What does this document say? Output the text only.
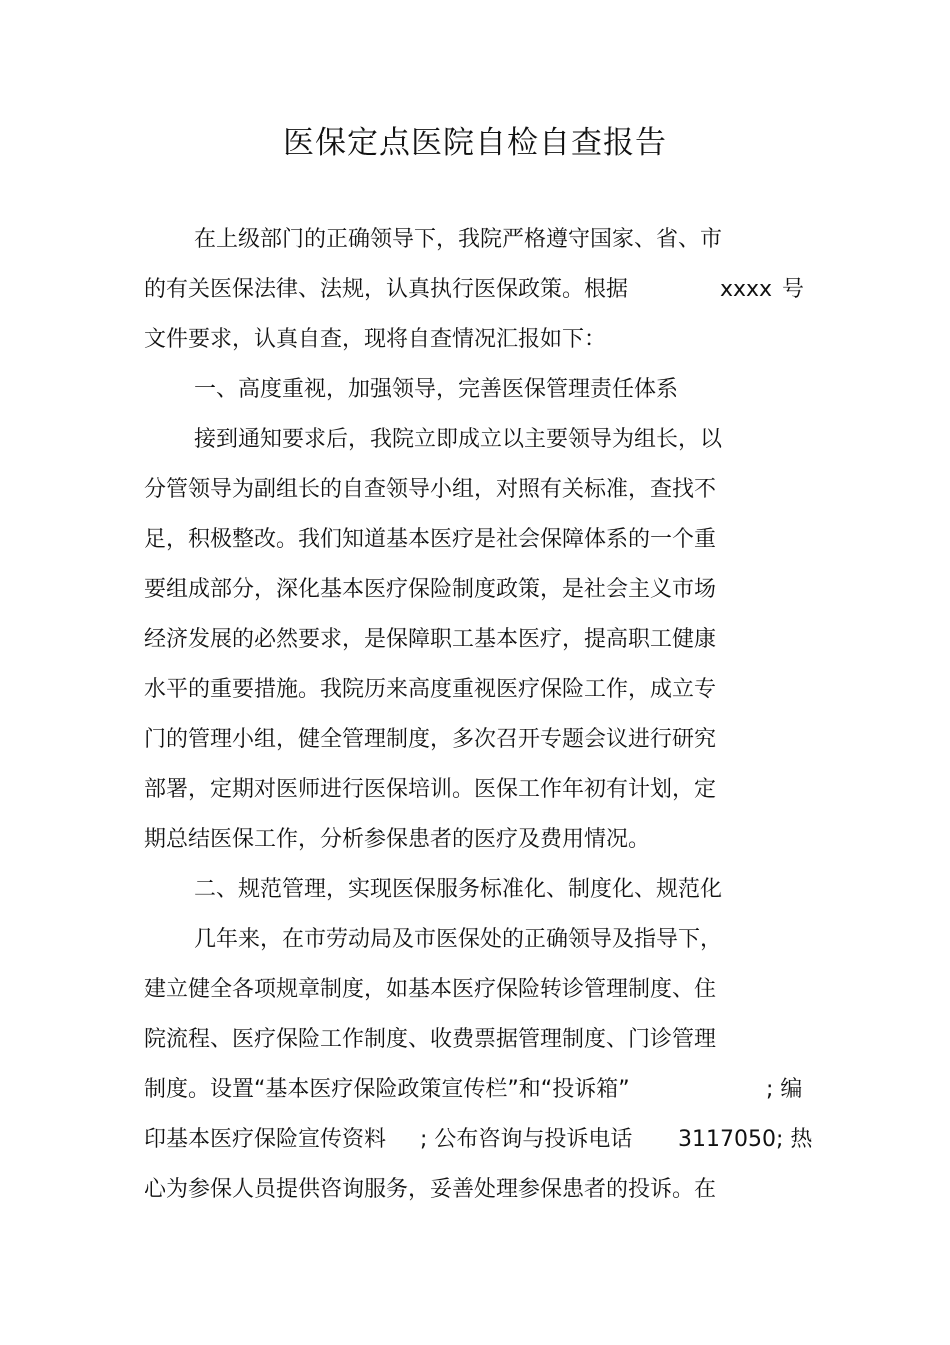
医保定点医院自检自查报告
在上级部门的正确领导下，我院严格遵守国家、省、市
的有关医保法律、法规，认真执行医保政策。根据	xxxx 号
文件要求，认真自查，现将自查情况汇报如下：
一、高度重视，加强领导，完善医保管理责任体系
接到通知要求后，我院立即成立以主要领导为组长，以
分管领导为副组长的自查领导小组，对照有关标准，查找不
足，积极整改。我们知道基本医疗是社会保障体系的一个重
要组成部分，深化基本医疗保险制度政策，是社会主义市场
经济发展的必然要求，是保障职工基本医疗，提高职工健康
水平的重要措施。我院历来高度重视医疗保险工作，成立专
门的管理小组，健全管理制度，多次召开专题会议进行研究
部署，定期对医师进行医保培训。医保工作年初有计划，定
期总结医保工作，分析参保患者的医疗及费用情况。
二、规范管理，实现医保服务标准化、制度化、规范化
几年来，在市劳动局及市医保处的正确领导及指导下，
建立健全各项规章制度，如基本医疗保险转诊管理制度、住
院流程、医疗保险工作制度、收费票据管理制度、门诊管理
制度。设置“基本医疗保险政策宣传栏”和“投诉箱”	; 编
印基本医疗保险宣传资料 ; 公布咨询与投诉电话 3117050; 热
心为参保人员提供咨询服务，妥善处理参保患者的投诉。在
